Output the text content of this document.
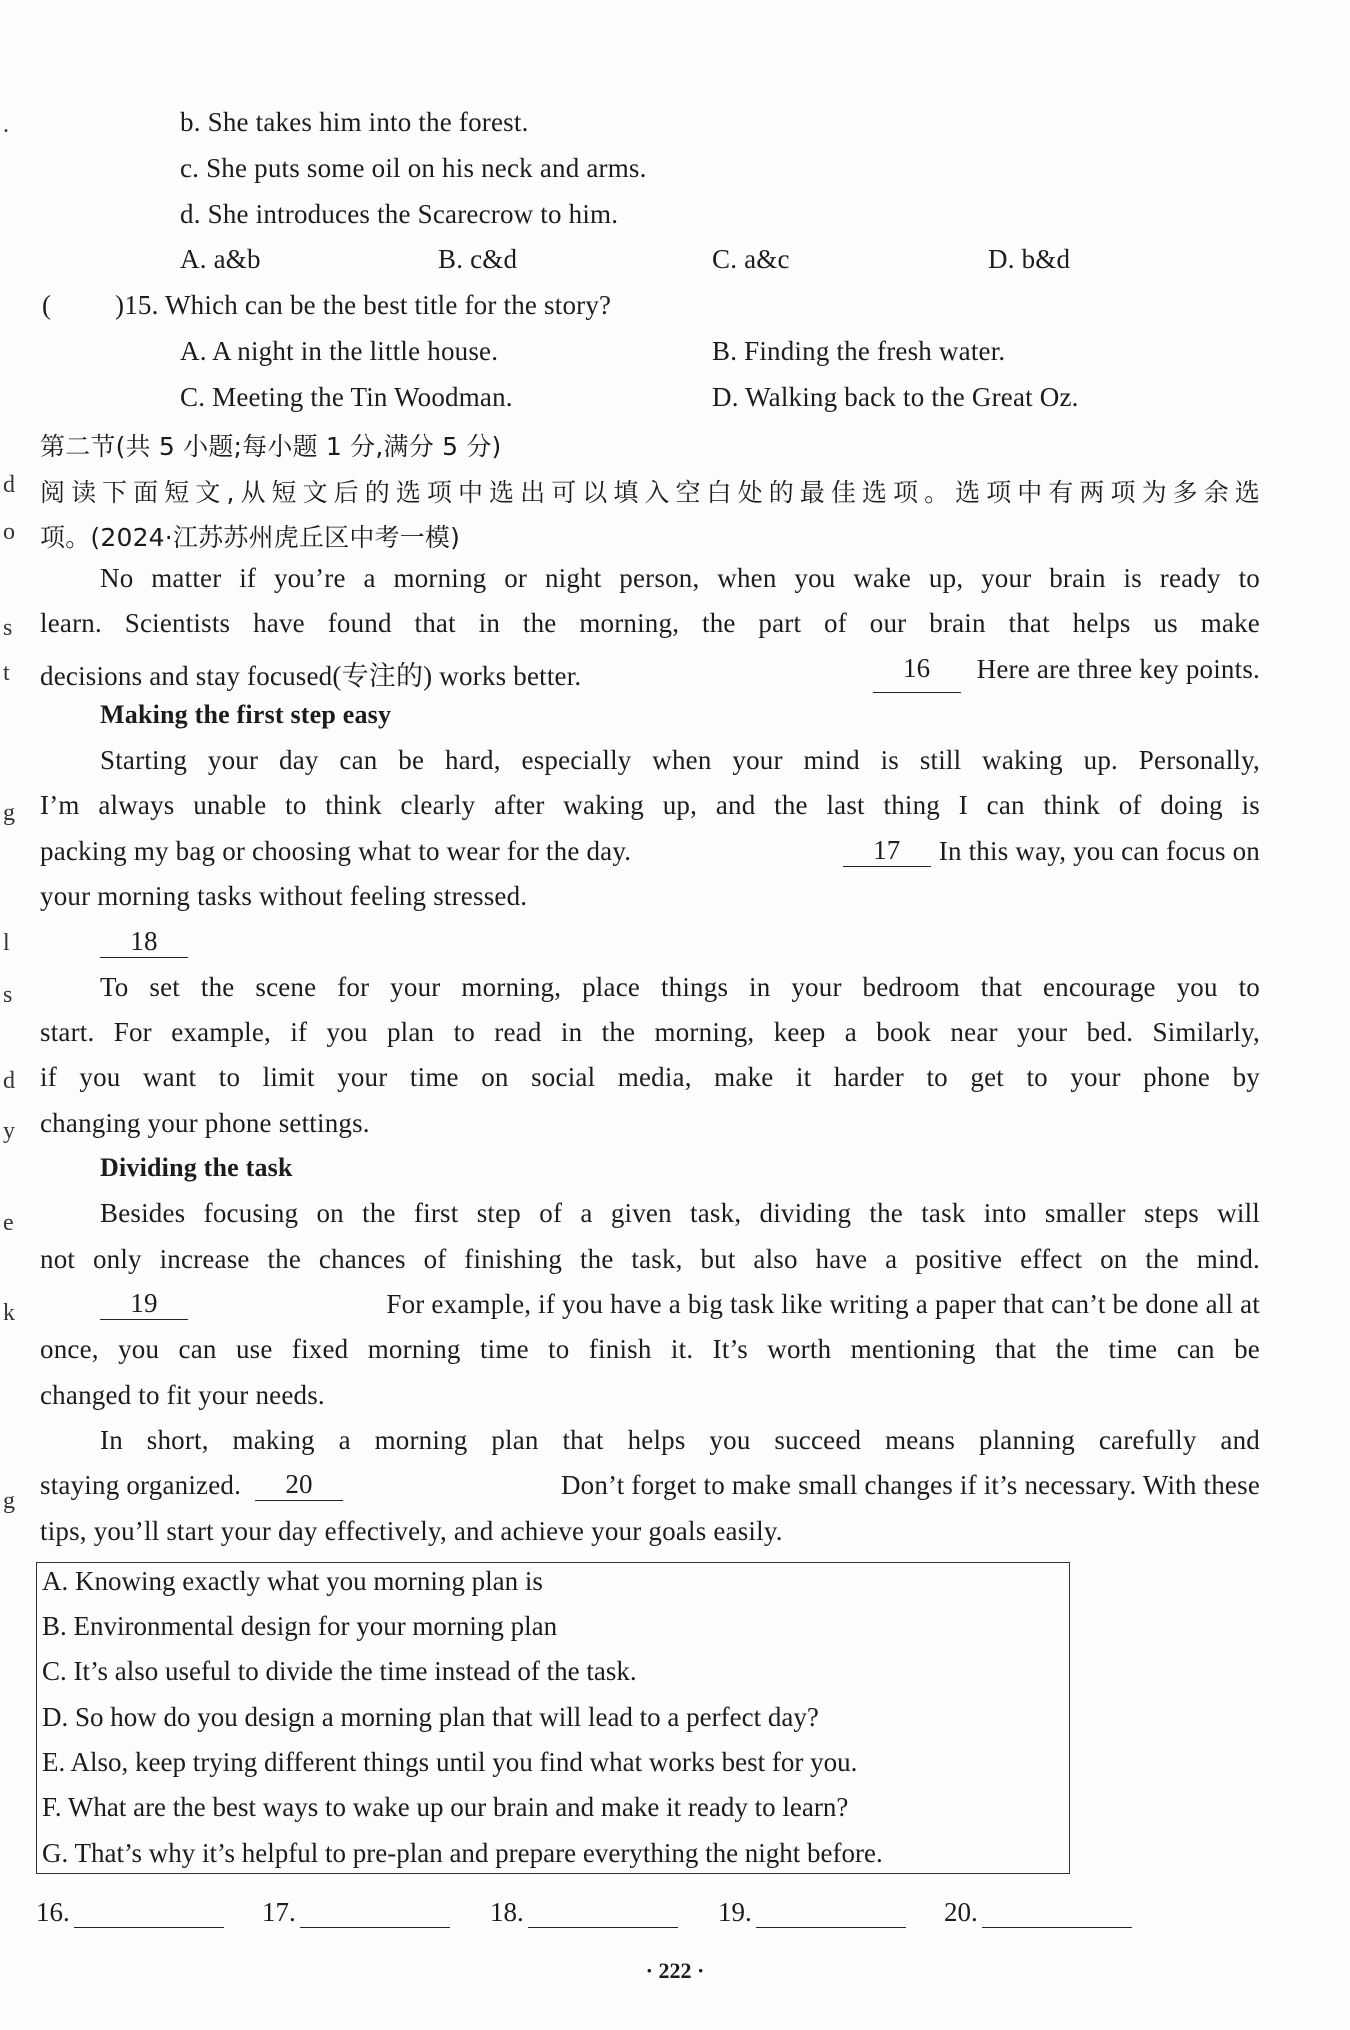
.
d
o
s
t
g
l
s
d
y
e
k
g
b. She takes him into the forest.
c. She puts some oil on his neck and arms.
d. She introduces the Scarecrow to him.
A. a&b	B. c&d	C. a&c	D. b&d
( )15. Which can be the best title for the story?
A. A night in the little house.	B. Finding the fresh water.
C. Meeting the Tin Woodman.	D. Walking back to the Great Oz.
第二节(共 5 小题;每小题 1 分,满分 5 分)
阅读下面短文,从短文后的选项中选出可以填入空白处的最佳选项。选项中有两项为多余选
项。(2024·江苏苏州虎丘区中考一模)
No matter if you’re a morning or night person, when you wake up, your brain is ready to
learn. Scientists have found that in the morning, the part of our brain that helps us make
decisions and stay focused(专注的) works better.	16	Here are three key points.
Making the first step easy
Starting your day can be hard, especially when your mind is still waking up. Personally,
I’m always unable to think clearly after waking up, and the last thing I can think of doing is
packing my bag or choosing what to wear for the day.	17	In this way, you can focus on
your morning tasks without feeling stressed.
18
To set the scene for your morning, place things in your bedroom that encourage you to
start. For example, if you plan to read in the morning, keep a book near your bed. Similarly,
if you want to limit your time on social media, make it harder to get to your phone by
changing your phone settings.
Dividing the task
Besides focusing on the first step of a given task, dividing the task into smaller steps will
not only increase the chances of finishing the task, but also have a positive effect on the mind.
19	For example, if you have a big task like writing a paper that can’t be done all at
once, you can use fixed morning time to finish it. It’s worth mentioning that the time can be
changed to fit your needs.
In short, making a morning plan that helps you succeed means planning carefully and
staying organized.	20	Don’t forget to make small changes if it’s necessary. With these
tips, you’ll start your day effectively, and achieve your goals easily.
A. Knowing exactly what you morning plan is
B. Environmental design for your morning plan
C. It’s also useful to divide the time instead of the task.
D. So how do you design a morning plan that will lead to a perfect day?
E. Also, keep trying different things until you find what works best for you.
F. What are the best ways to wake up our brain and make it ready to learn?
G. That’s why it’s helpful to pre-plan and prepare everything the night before.
16.	17.	18.	19.	20.
· 222 ·
